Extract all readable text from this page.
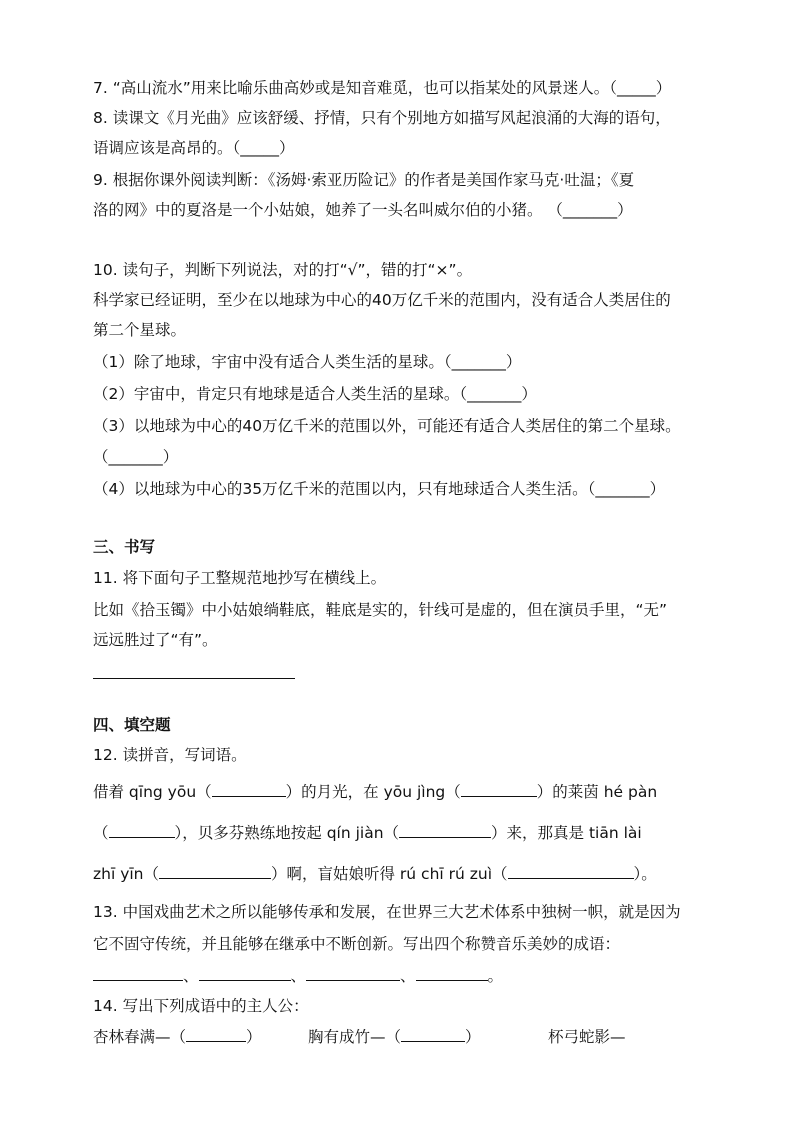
7. “高山流水”用来比喻乐曲高妙或是知音难觅，也可以指某处的风景迷人。（_____）
8. 读课文《月光曲》应该舒缓、抒情，只有个别地方如描写风起浪涌的大海的语句，
语调应该是高昂的。（_____）
9. 根据你课外阅读判断：《汤姆·索亚历险记》的作者是美国作家马克·吐温；《夏
洛的网》中的夏洛是一个小姑娘，她养了一头名叫威尔伯的小猪。 （_______）
10. 读句子，判断下列说法，对的打“√”，错的打“×”。
科学家已经证明，至少在以地球为中心的40万亿千米的范围内，没有适合人类居住的
第二个星球。
（1）除了地球，宇宙中没有适合人类生活的星球。（_______）
（2）宇宙中，肯定只有地球是适合人类生活的星球。（_______）
（3）以地球为中心的40万亿千米的范围以外，可能还有适合人类居住的第二个星球。
（_______）
（4）以地球为中心的35万亿千米的范围以内，只有地球适合人类生活。（_______）
三、书写
11. 将下面句子工整规范地抄写在横线上。
比如《拾玉镯》中小姑娘绱鞋底，鞋底是实的，针线可是虚的，但在演员手里，“无”
远远胜过了“有”。
四、填空题
12. 读拼音，写词语。
借着 qīng yōu（	）的月光，在 yōu jìng（	）的莱茵 hé pàn
（	），贝多芬熟练地按起 qín jiàn（	）来，那真是 tiān lài
zhī yīn（	）啊，盲姑娘听得 rú chī rú zuì（	）。
13. 中国戏曲艺术之所以能够传承和发展，在世界三大艺术体系中独树一帜，就是因为
它不固守传统，并且能够在继承中不断创新。写出四个称赞音乐美妙的成语：
、	、	、	。
14. 写出下列成语中的主人公：
杏林春满—（	）	胸有成竹—（	）	杯弓蛇影—
